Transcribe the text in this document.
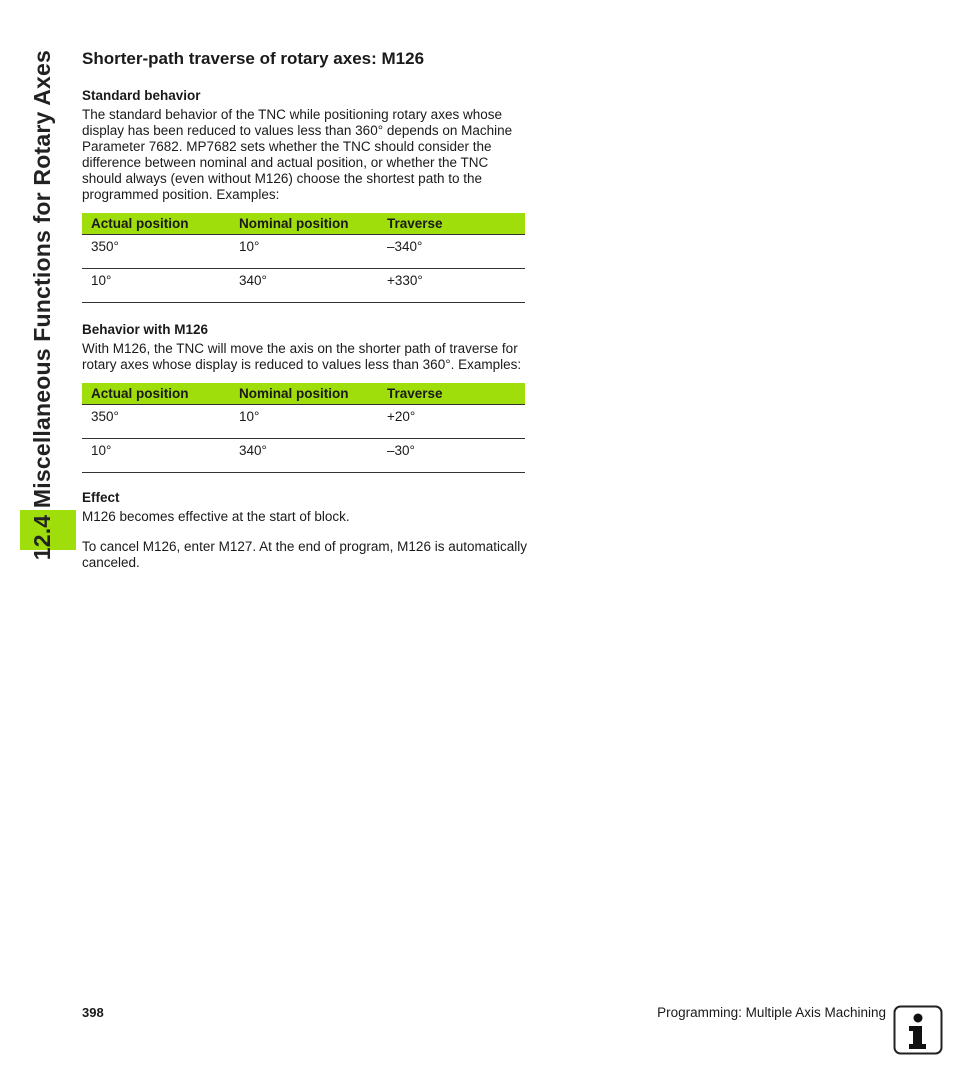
12.4 Miscellaneous Functions for Rotary Axes	Shorter-path traverse of rotary axes: M126
Standard behavior

The standard behavior of the TNC while positioning rotary axes whose display has been reduced to values less than 360° depends on Machine Parameter 7682. MP7682 sets whether the TNC should consider the difference between nominal and actual position, or whether the TNC should always (even without M126) choose the shortest path to the programmed position. Examples:

Actual position	Nominal position	Traverse
350°	10°	–340°
10°	340°	+330°
Behavior with M126

With M126, the TNC will move the axis on the shorter path of traverse for rotary axes whose display is reduced to values less than 360°. Examples:

Actual position	Nominal position	Traverse
350°	10°	+20°
10°	340°	–30°
Effect

M126 becomes effective at the start of block.

To cancel M126, enter M127. At the end of program, M126 is automatically canceled.

398	Programming: Multiple Axis Machining
